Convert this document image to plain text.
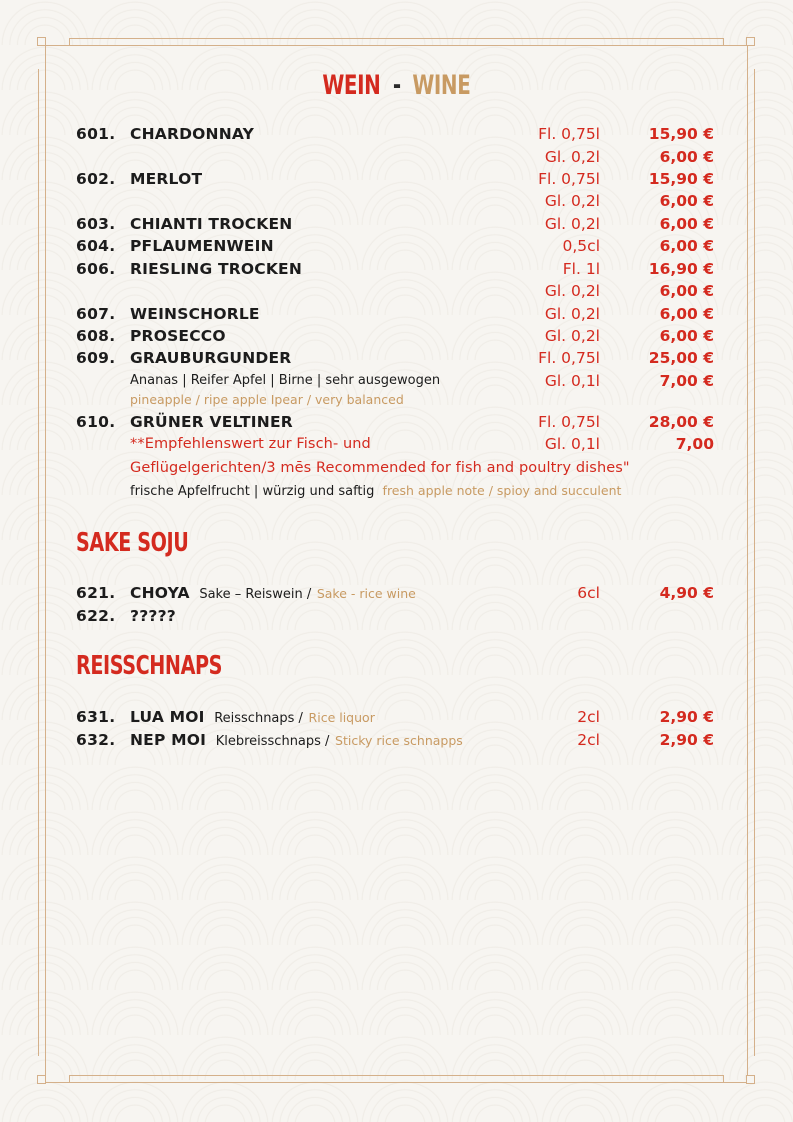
WEIN - WINE
601. CHARDONNAY	Fl. 0,75l	15,90 €
Gl. 0,2l	6,00 €
602. MERLOT	Fl. 0,75l	15,90 €
Gl. 0,2l	6,00 €
603. CHIANTI TROCKEN	Gl. 0,2l	6,00 €
604. PFLAUMENWEIN	0,5cl	6,00 €
606. RIESLING TROCKEN	Fl. 1l	16,90 €
Gl. 0,2l	6,00 €
607. WEINSCHORLE	Gl. 0,2l	6,00 €
608. PROSECCO	Gl. 0,2l	6,00 €
609. GRAUBURGUNDER	Fl. 0,75l	25,00 €
Ananas | Reifer Apfel | Birne | sehr ausgewogen	Gl. 0,1l	7,00 €
pineapple / ripe apple Ipear / very balanced
610. GRÜNER VELTINER	Fl. 0,75l	28,00 €
**Empfehlenswert zur Fisch- und	Gl. 0,1l	7,00
Geflügelgerichten/3 mēs Recommended for fish and poultry dishes"
frische Apfelfrucht | würzig und saftig fresh apple note / spioy and succulent
SAKE SOJU
621. CHOYA Sake – Reiswein / Sake - rice wine	6cl	4,90 €
622. ?????
REISSCHNAPS
631. LUA MOI Reisschnaps / Rice liquor	2cl	2,90 €
632. NEP MOI Klebreisschnaps / Sticky rice schnapps	2cl	2,90 €
